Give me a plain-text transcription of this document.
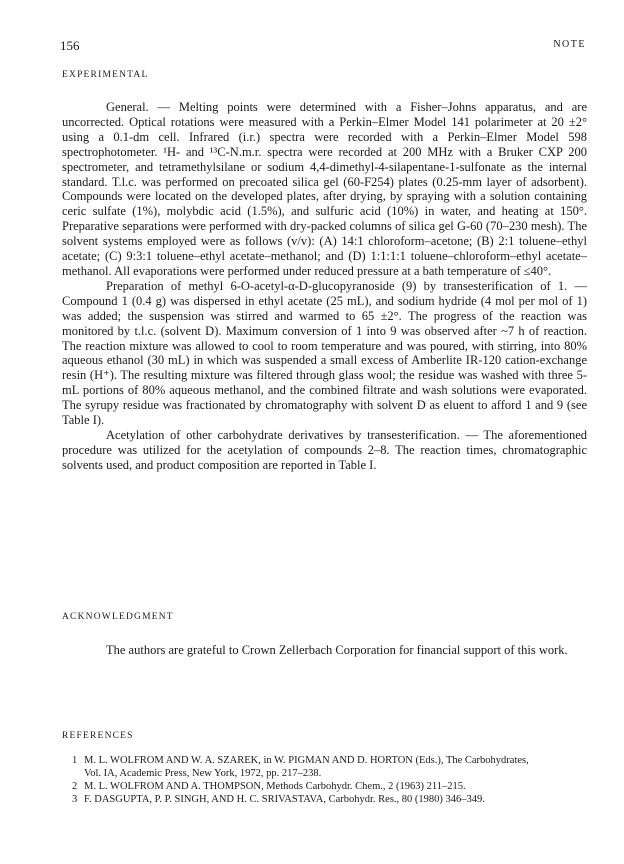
156	NOTE
EXPERIMENTAL

General. — Melting points were determined with a Fisher–Johns apparatus, and are uncorrected. Optical rotations were measured with a Perkin–Elmer Model 141 polarimeter at 20 ±2° using a 0.1-dm cell. Infrared (i.r.) spectra were recorded with a Perkin–Elmer Model 598 spectrophotometer. ¹H- and ¹³C-N.m.r. spectra were recorded at 200 MHz with a Bruker CXP 200 spectrometer, and tetramethylsilane or sodium 4,4-dimethyl-4-silapentane-1-sulfonate as the internal standard. T.l.c. was performed on precoated silica gel (60-F254) plates (0.25-mm layer of adsorbent). Compounds were located on the developed plates, after drying, by spraying with a solution containing ceric sulfate (1%), molybdic acid (1.5%), and sulfuric acid (10%) in water, and heating at 150°. Preparative separations were performed with dry-packed columns of silica gel G-60 (70–230 mesh). The solvent systems employed were as follows (v/v): (A) 14:1 chloroform–acetone; (B) 2:1 toluene–ethyl acetate; (C) 9:3:1 toluene–ethyl acetate–methanol; and (D) 1:1:1:1 toluene–chloroform–ethyl acetate–methanol. All evaporations were performed under reduced pressure at a bath temperature of ≤40°.

Preparation of methyl 6-O-acetyl-α-D-glucopyranoside (9) by transesterification of 1. — Compound 1 (0.4 g) was dispersed in ethyl acetate (25 mL), and sodium hydride (4 mol per mol of 1) was added; the suspension was stirred and warmed to 65 ±2°. The progress of the reaction was monitored by t.l.c. (solvent D). Maximum conversion of 1 into 9 was observed after ~7 h of reaction. The reaction mixture was allowed to cool to room temperature and was poured, with stirring, into 80% aqueous ethanol (30 mL) in which was suspended a small excess of Amberlite IR-120 cation-exchange resin (H⁺). The resulting mixture was filtered through glass wool; the residue was washed with three 5-mL portions of 80% aqueous methanol, and the combined filtrate and wash solutions were evaporated. The syrupy residue was fractionated by chromatography with solvent D as eluent to afford 1 and 9 (see Table I).

Acetylation of other carbohydrate derivatives by transesterification. — The aforementioned procedure was utilized for the acetylation of compounds 2–8. The reaction times, chromatographic solvents used, and product composition are reported in Table I.

ACKNOWLEDGMENT

The authors are grateful to Crown Zellerbach Corporation for financial support of this work.

REFERENCES
1 M. L. WOLFROM AND W. A. SZAREK, in W. PIGMAN AND D. HORTON (Eds.), The Carbohydrates,
Vol. IA, Academic Press, New York, 1972, pp. 217–238.
2 M. L. WOLFROM AND A. THOMPSON, Methods Carbohydr. Chem., 2 (1963) 211–215.
3 F. DASGUPTA, P. P. SINGH, AND H. C. SRIVASTAVA, Carbohydr. Res., 80 (1980) 346–349.
